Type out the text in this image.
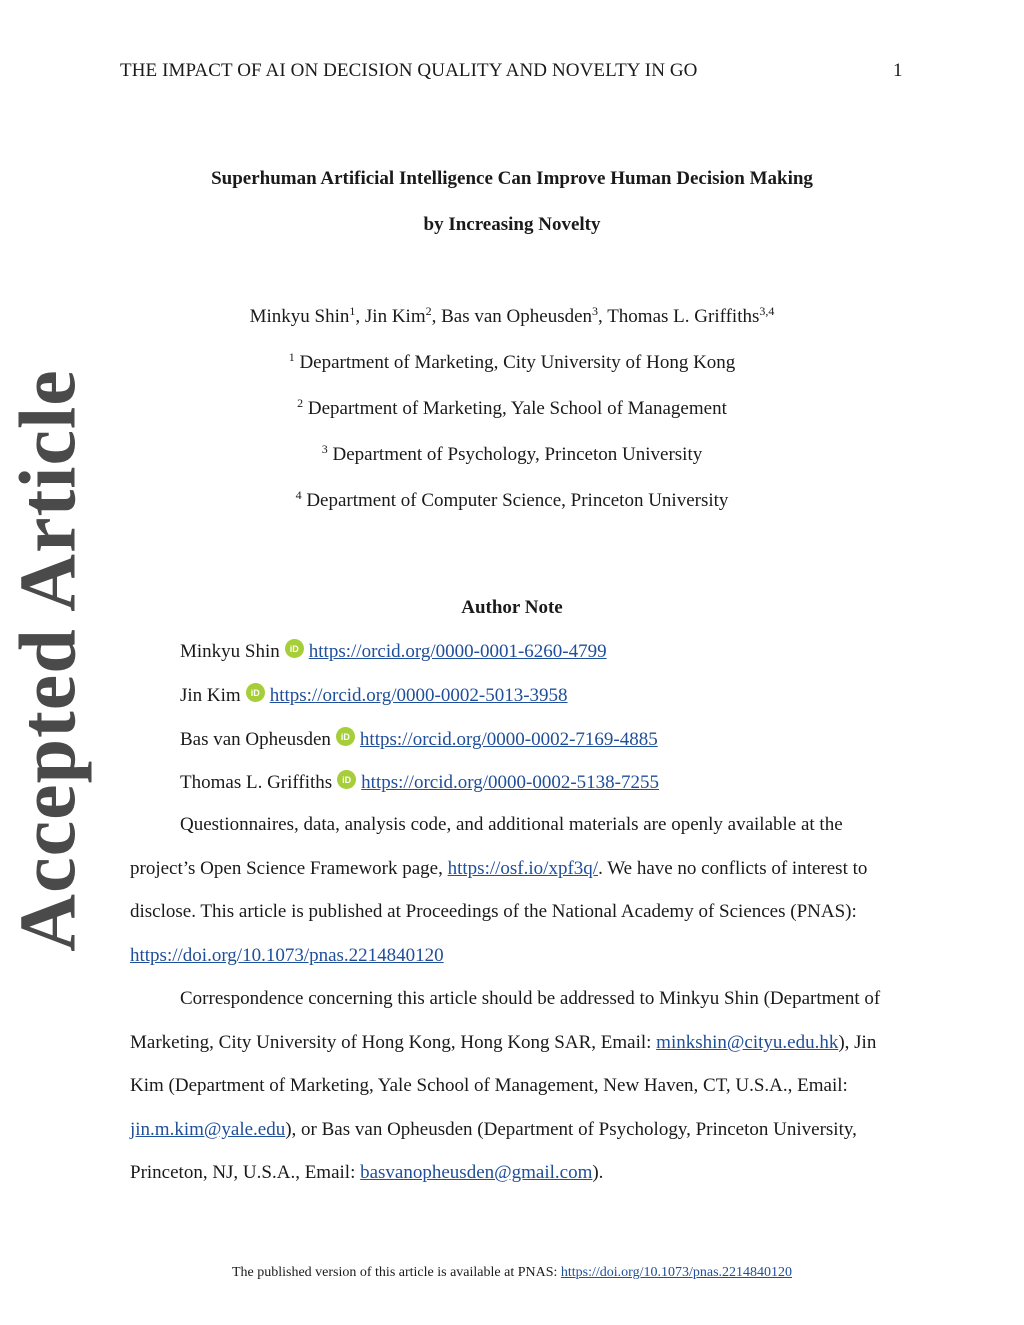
THE IMPACT OF AI ON DECISION QUALITY AND NOVELTY IN GO	1
Accepted Article
Superhuman Artificial Intelligence Can Improve Human Decision Making
by Increasing Novelty
Minkyu Shin$^1$, Jin Kim$^2$, Bas van Opheusden$^3$, Thomas L. Griffiths$^{3,4}$
$^1$ Department of Marketing, City University of Hong Kong
$^2$ Department of Marketing, Yale School of Management
$^3$ Department of Psychology, Princeton University
$^4$ Department of Computer Science, Princeton University
Author Note
Minkyu Shin	iD https://orcid.org/0000-0001-6260-4799
Jin Kim	iD https://orcid.org/0000-0002-5013-3958
Bas van Opheusden	iD https://orcid.org/0000-0002-7169-4885
Thomas L. Griffiths	iD https://orcid.org/0000-0002-5138-7255
Questionnaires, data, analysis code, and additional materials are openly available at the
project’s Open Science Framework page, https://osf.io/xpf3q/. We have no conflicts of interest to
disclose. This article is published at Proceedings of the National Academy of Sciences (PNAS):
https://doi.org/10.1073/pnas.2214840120
Correspondence concerning this article should be addressed to Minkyu Shin (Department of
Marketing, City University of Hong Kong, Hong Kong SAR, Email: minkshin@cityu.edu.hk), Jin
Kim (Department of Marketing, Yale School of Management, New Haven, CT, U.S.A., Email:
jin.m.kim@yale.edu), or Bas van Opheusden (Department of Psychology, Princeton University,
Princeton, NJ, U.S.A., Email: basvanopheusden@gmail.com).
The published version of this article is available at PNAS: https://doi.org/10.1073/pnas.2214840120
